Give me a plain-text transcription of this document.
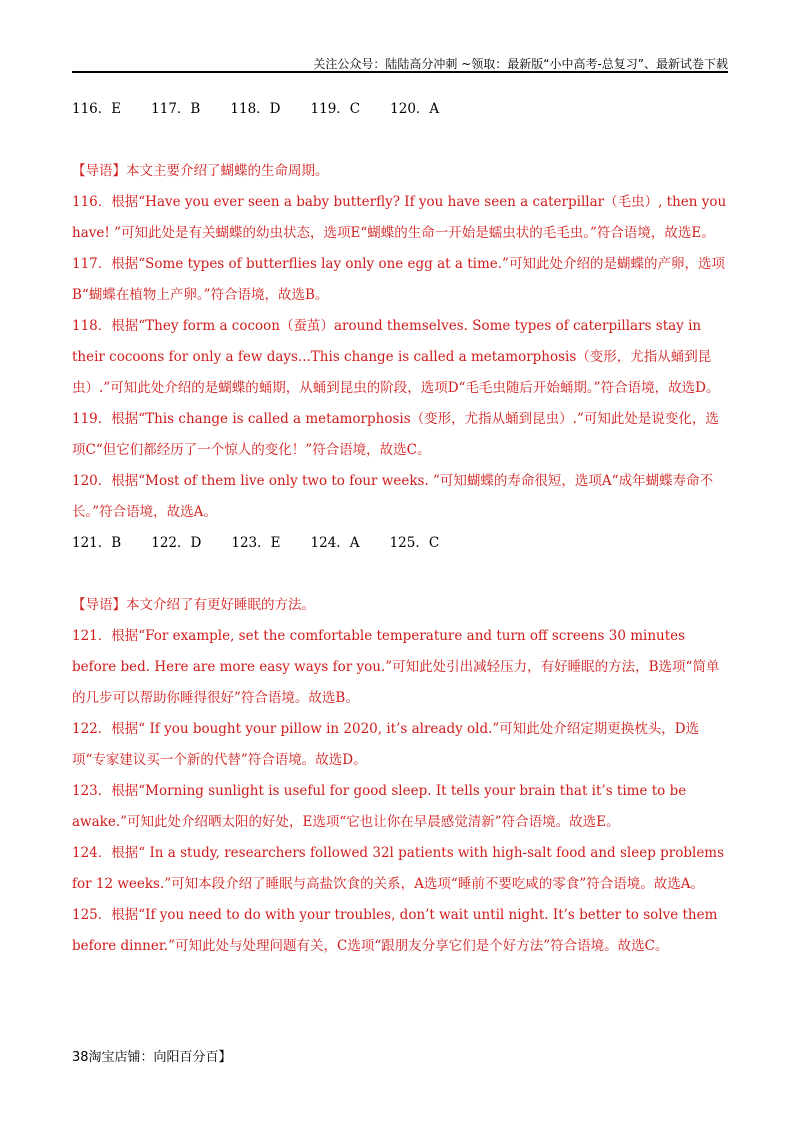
关注公众号：陆陆高分冲刺 ~领取：最新版“小中高考-总复习”、最新试卷下载
116．E       117．B       118．D       119．C       120．A

【导语】本文主要介绍了蝴蝶的生命周期。

116．根据“Have you ever seen a baby butterfly? If you have seen a caterpillar（毛虫）, then you have! ”可知此处是有关蝴蝶的幼虫状态，选项E“蝴蝶的生命一开始是蠕虫状的毛毛虫。”符合语境，故选E。

117．根据“Some types of butterflies lay only one egg at a time.”可知此处介绍的是蝴蝶的产卵，选项B“蝴蝶在植物上产卵。”符合语境，故选B。

118．根据“They form a cocoon（蚕茧）around themselves. Some types of caterpillars stay in their cocoons for only a few days...This change is called a metamorphosis（变形，尤指从蛹到昆虫）.”可知此处介绍的是蝴蝶的蛹期，从蛹到昆虫的阶段，选项D“毛毛虫随后开始蛹期。”符合语境，故选D。

119．根据“This change is called a metamorphosis（变形，尤指从蛹到昆虫）.”可知此处是说变化，选项C“但它们都经历了一个惊人的变化！”符合语境，故选C。

120．根据“Most of them live only two to four weeks. ”可知蝴蝶的寿命很短，选项A“成年蝴蝶寿命不长。”符合语境，故选A。

121．B       122．D       123．E       124．A       125．C

【导语】本文介绍了有更好睡眠的方法。

121．根据“For example, set the comfortable temperature and turn off screens 30 minutes before bed. Here are more easy ways for you.”可知此处引出减轻压力，有好睡眠的方法，B选项“简单的几步可以帮助你睡得很好”符合语境。故选B。

122．根据“ If you bought your pillow in 2020, it’s already old.”可知此处介绍定期更换枕头，D选项“专家建议买一个新的代替”符合语境。故选D。

123．根据“Morning sunlight is useful for good sleep. It tells your brain that it’s time to be awake.”可知此处介绍晒太阳的好处，E选项“它也让你在早晨感觉清新”符合语境。故选E。

124．根据“ In a study, researchers followed 32l patients with high-salt food and sleep problems for 12 weeks.”可知本段介绍了睡眠与高盐饮食的关系，A选项“睡前不要吃咸的零食”符合语境。故选A。

125．根据“If you need to do with your troubles, don’t wait until night. It’s better to solve them before dinner.”可知此处与处理问题有关，C选项“跟朋友分享它们是个好方法”符合语境。故选C。

38淘宝店铺：向阳百分百】
